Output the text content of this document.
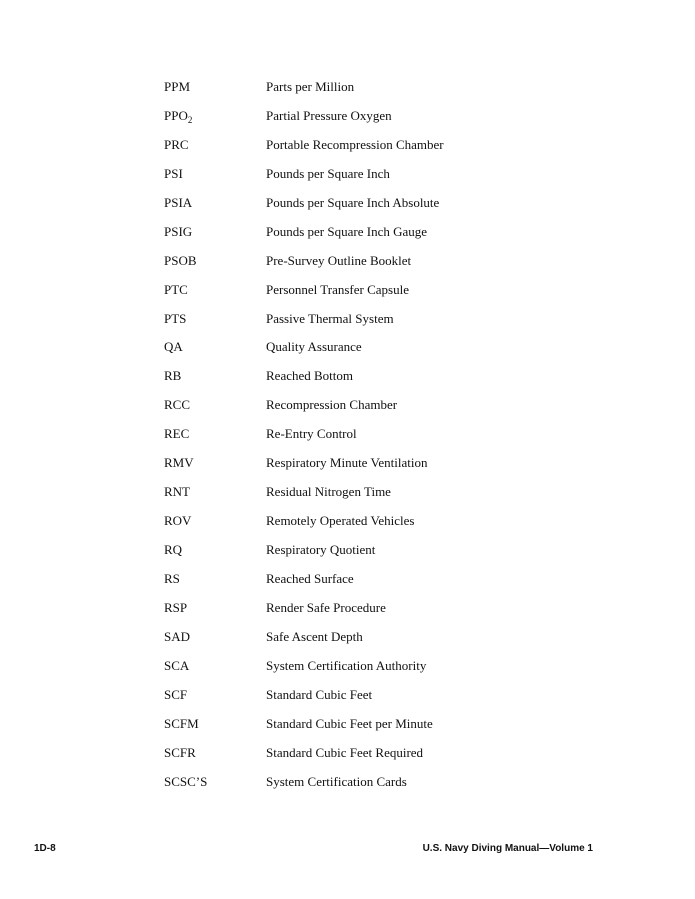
PPM	Parts per Million
$PPO_2$	Partial Pressure Oxygen
PRC	Portable Recompression Chamber
PSI	Pounds per Square Inch
PSIA	Pounds per Square Inch Absolute
PSIG	Pounds per Square Inch Gauge
PSOB	Pre-Survey Outline Booklet
PTC	Personnel Transfer Capsule
PTS	Passive Thermal System
QA	Quality Assurance
RB	Reached Bottom
RCC	Recompression Chamber
REC	Re-Entry Control
RMV	Respiratory Minute Ventilation
RNT	Residual Nitrogen Time
ROV	Remotely Operated Vehicles
RQ	Respiratory Quotient
RS	Reached Surface
RSP	Render Safe Procedure
SAD	Safe Ascent Depth
SCA	System Certification Authority
SCF	Standard Cubic Feet
SCFM	Standard Cubic Feet per Minute
SCFR	Standard Cubic Feet Required
SCSC’S	System Certification Cards
1D-8	U.S. Navy Diving Manual—Volume 1
